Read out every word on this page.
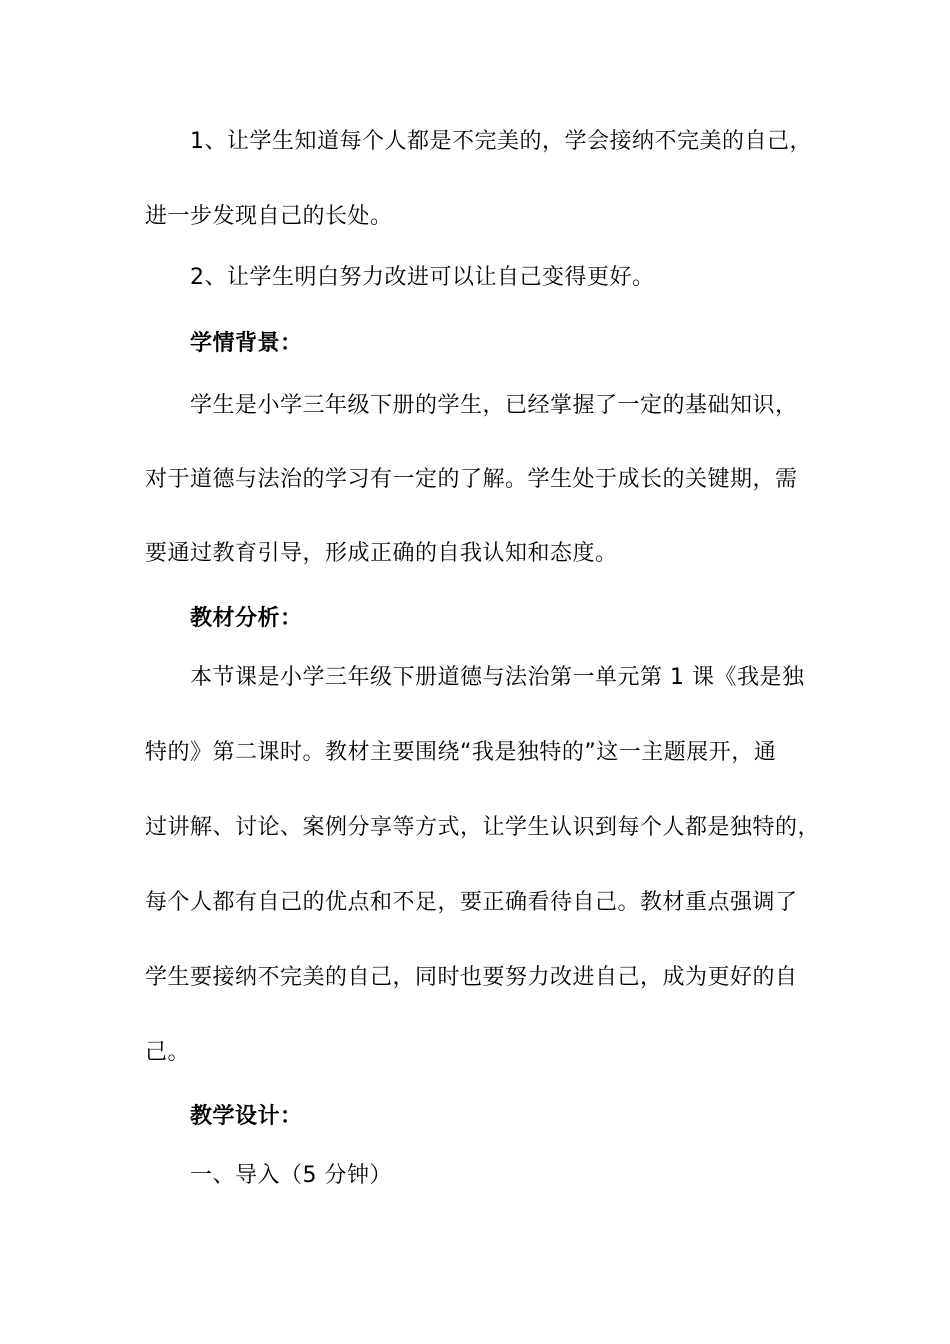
1、让学生知道每个人都是不完美的，学会接纳不完美的自己，
进一步发现自己的长处。
2、让学生明白努力改进可以让自己变得更好。
学情背景：
学生是小学三年级下册的学生，已经掌握了一定的基础知识，
对于道德与法治的学习有一定的了解。学生处于成长的关键期，需
要通过教育引导，形成正确的自我认知和态度。
教材分析：
本节课是小学三年级下册道德与法治第一单元第 1 课《我是独
特的》第二课时。教材主要围绕“我是独特的”这一主题展开，通
过讲解、讨论、案例分享等方式，让学生认识到每个人都是独特的，
每个人都有自己的优点和不足，要正确看待自己。教材重点强调了
学生要接纳不完美的自己，同时也要努力改进自己，成为更好的自
己。
教学设计：
一、导入（5 分钟）
